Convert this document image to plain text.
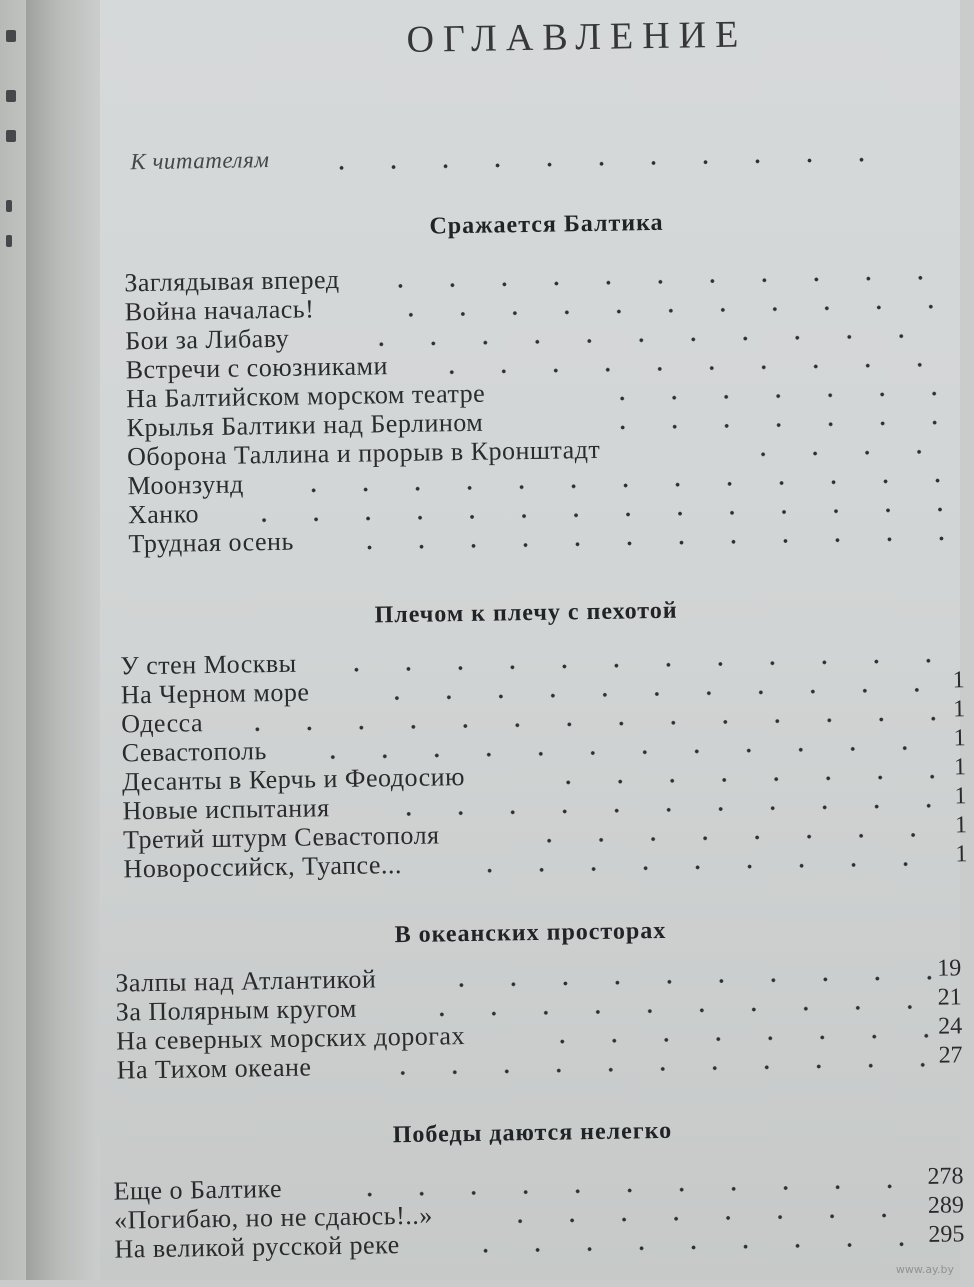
ОГЛАВЛЕНИЕ
К читателям
Сражается Балтика
Заглядывая вперед
Война началась!
Бои за Либаву
Встречи с союзниками
На Балтийском морском театре
Крылья Балтики над Берлином
Оборона Таллина и прорыв в Кронштадт
Моонзунд
Ханко
Трудная осень
Плечом к плечу с пехотой
У стен Москвы
На Черном море	1
Одесса	1
Севастополь	1
Десанты в Керчь и Феодосию	1
Новые испытания	1
Третий штурм Севастополя	1
Новороссийск, Туапсе...	1
В океанских просторах
Залпы над Атлантикой	19
За Полярным кругом	21
На северных морских дорогах	24
На Тихом океане	27
Победы даются нелегко
Еще о Балтике	278
«Погибаю, но не сдаюсь!..»	289
На великой русской реке	295
www.ay.by
